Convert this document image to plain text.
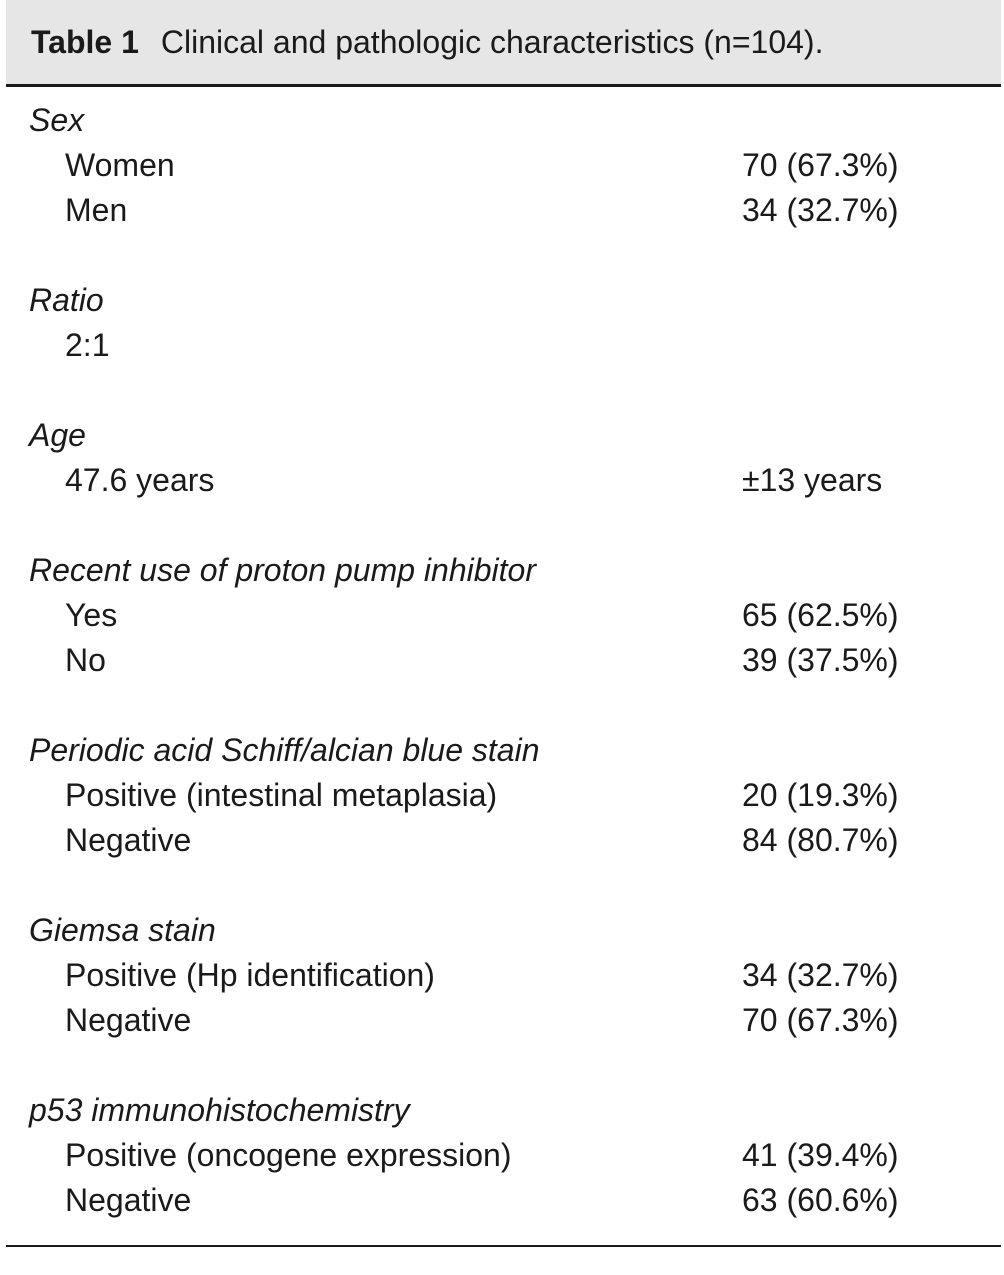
Table 1 Clinical and pathologic characteristics (n=104).
Sex
Women	70 (67.3%)
Men	34 (32.7%)
Ratio
2:1
Age
47.6 years	±13 years
Recent use of proton pump inhibitor
Yes	65 (62.5%)
No	39 (37.5%)
Periodic acid Schiff/alcian blue stain
Positive (intestinal metaplasia)	20 (19.3%)
Negative	84 (80.7%)
Giemsa stain
Positive (Hp identification)	34 (32.7%)
Negative	70 (67.3%)
p53 immunohistochemistry
Positive (oncogene expression)	41 (39.4%)
Negative	63 (60.6%)
